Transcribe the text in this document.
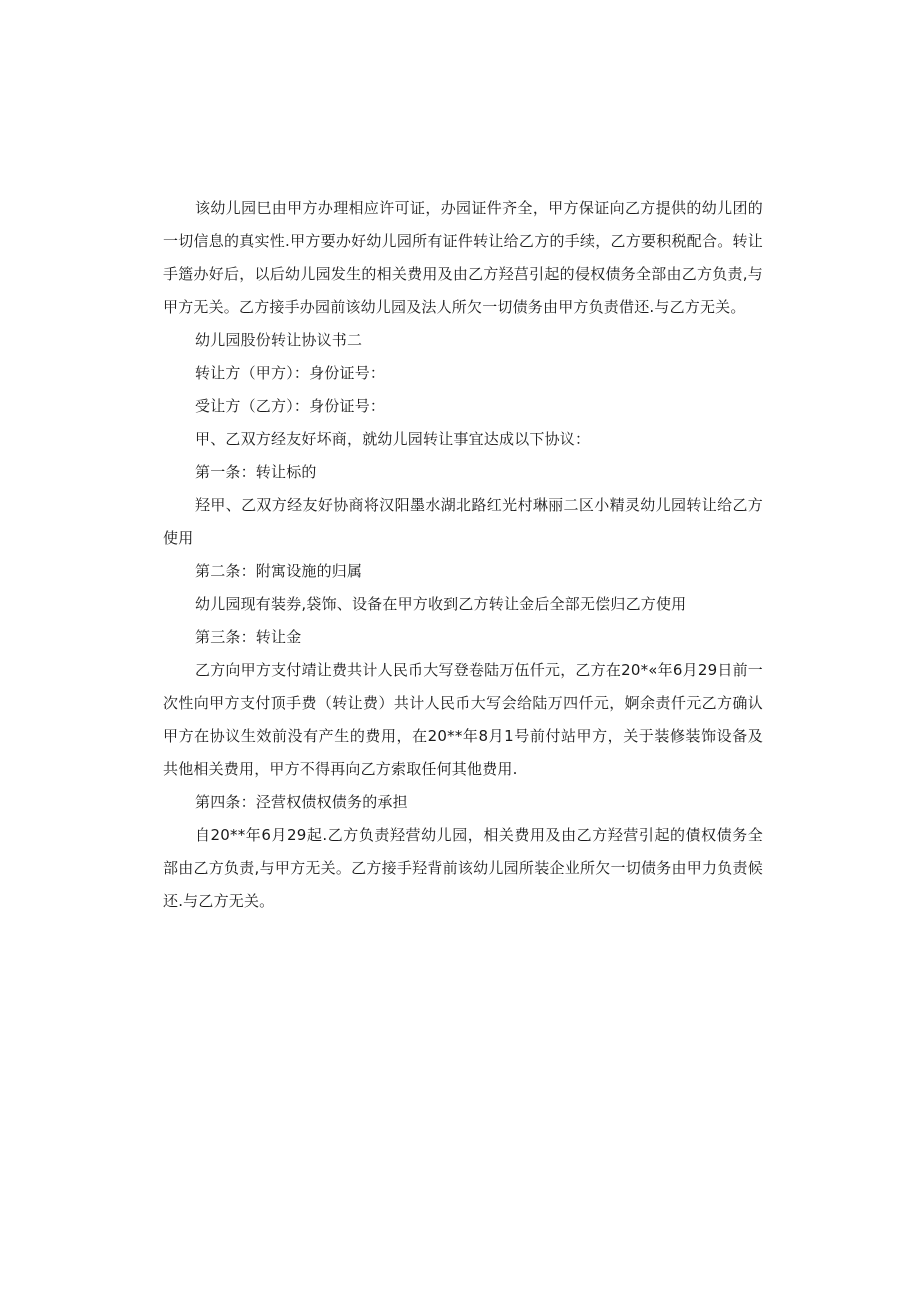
该幼儿园巳由甲方办理相应许可证，办园证件齐全，甲方保证向乙方提供的幼儿团的一切信息的真实性.甲方要办好幼儿园所有证件转让给乙方的手续，乙方要积税配合。转让手簉办好后，以后幼儿园发生的相关费用及由乙方羟莒引起的侵权债务全部由乙方负责,与甲方无关。乙方接手办园前该幼儿园及法人所欠一切债务由甲方负责借还.与乙方无关。

幼儿园股份转让协议书二

转让方（甲方）：身份证号：

受让方（乙方）：身份证号：

甲、乙双方经友好坏商，就幼儿园转让事宜达成以下协议：

第一条：转让标的

羟甲、乙双方经友好协商将汉阳墨水湖北路红光村琳丽二区小精灵幼儿园转让给乙方使用

第二条：附寓设施的归属

幼儿园现有装券,袋饰、设备在甲方收到乙方转让金后全部无偿归乙方使用

第三条：转让金

乙方向甲方支付靖让费共计人民币大写登卷陆万伍仟元，乙方在20*«年6月29日前一次性向甲方支付顶手费（转让费）共计人民币大写会给陆万四仟元，婀余责仟元乙方确认甲方在协议生效前没有产生的费用，在20**年8月1号前付站甲方，关于装修装饰设备及共他相关费用，甲方不得再向乙方索取任何其他费用.

第四条：泾营权债权债务的承担

自20**年6月29起.乙方负责羟营幼儿园，相关费用及由乙方羟营引起的債权债务全部由乙方负责,与甲方无关。乙方接手羟背前该幼儿园所装企业所欠一切债务由甲力负责候还.与乙方无关。
